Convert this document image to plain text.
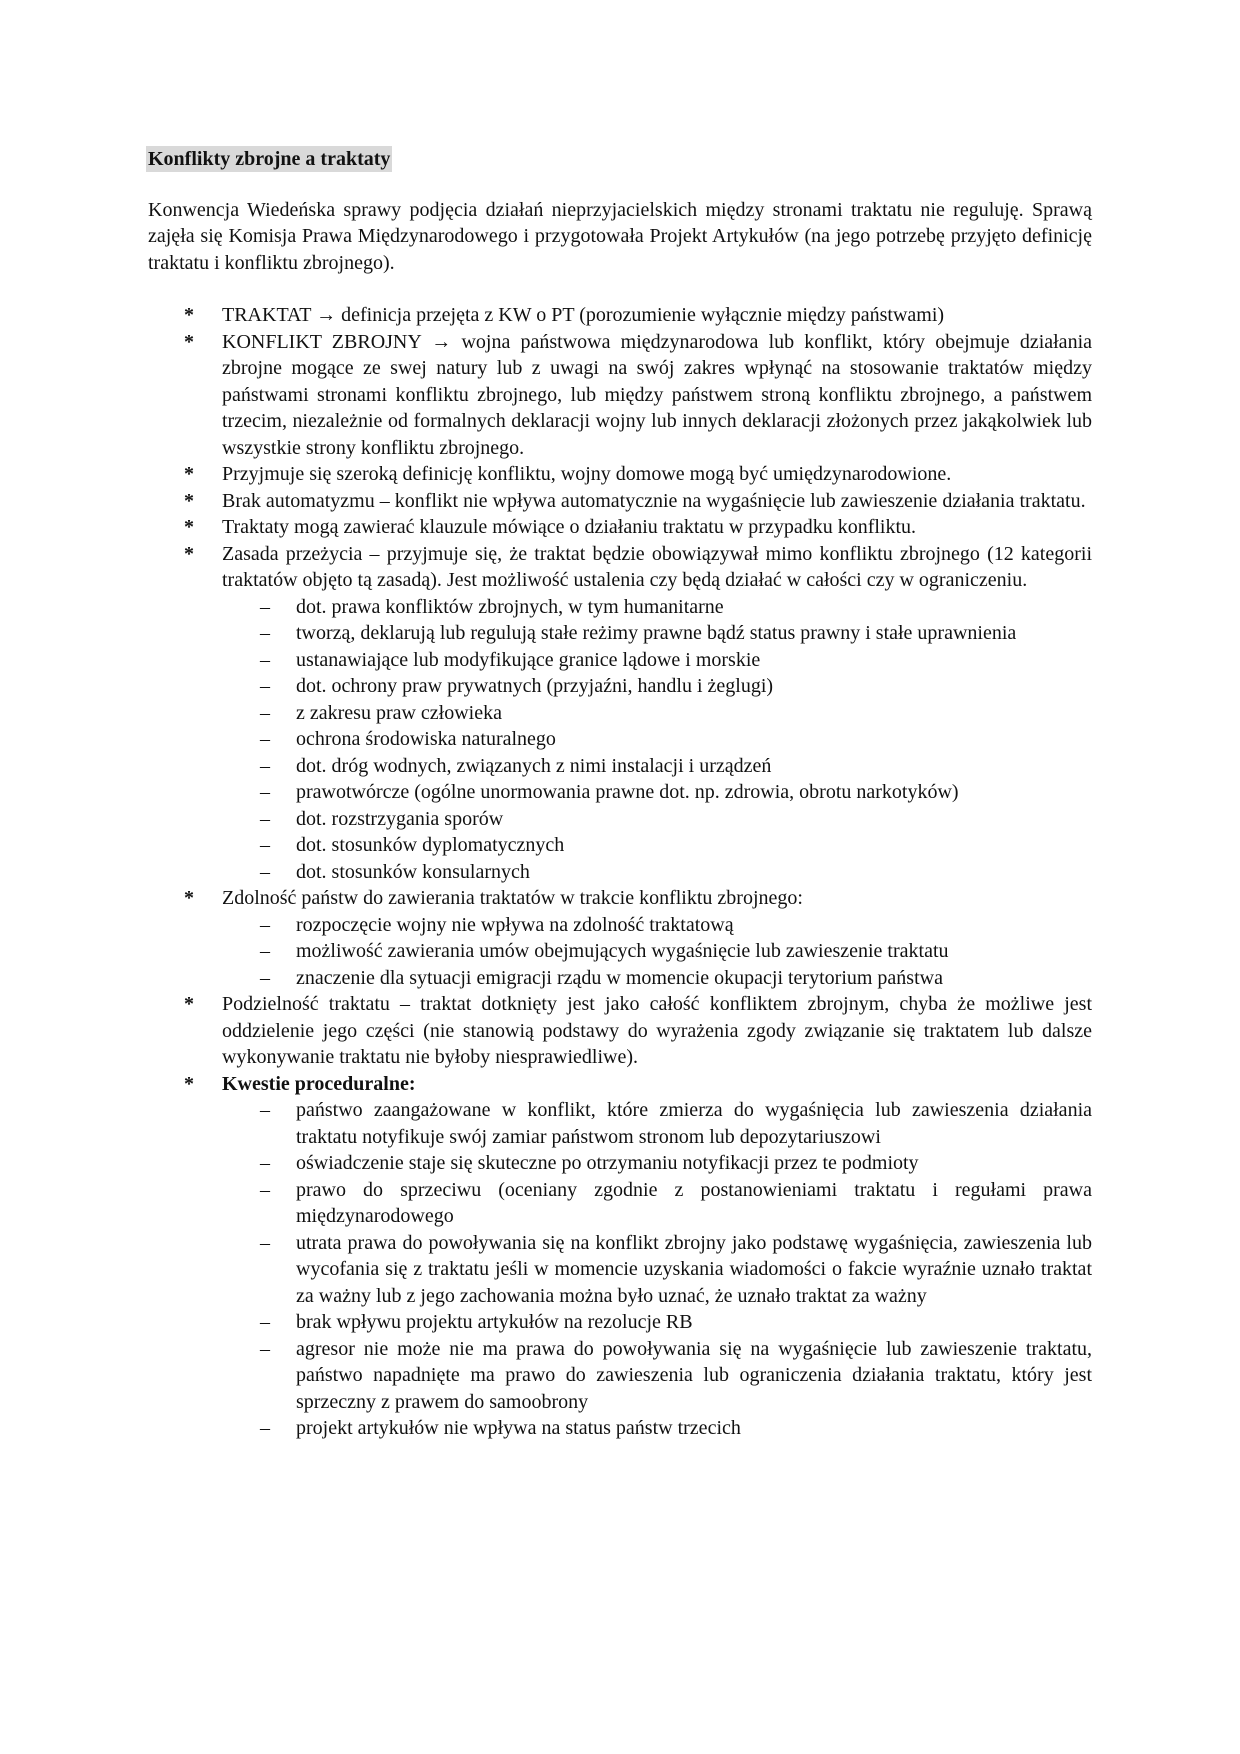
Konflikty zbrojne a traktaty

Konwencja Wiedeńska sprawy podjęcia działań nieprzyjacielskich między stronami traktatu nie reguluję. Sprawą zajęła się Komisja Prawa Międzynarodowego i przygotowała Projekt Artykułów (na jego potrzebę przyjęto definicję traktatu i konfliktu zbrojnego).

* TRAKTAT → definicja przejęta z KW o PT (porozumienie wyłącznie między państwami)
* KONFLIKT ZBROJNY → wojna państwowa międzynarodowa lub konflikt, który obejmuje działania zbrojne mogące ze swej natury lub z uwagi na swój zakres wpłynąć na stosowanie traktatów między państwami stronami konfliktu zbrojnego, lub między państwem stroną konfliktu zbrojnego, a państwem trzecim, niezależnie od formalnych deklaracji wojny lub innych deklaracji złożonych przez jakąkolwiek lub wszystkie strony konfliktu zbrojnego.
* Przyjmuje się szeroką definicję konfliktu, wojny domowe mogą być umiędzynarodowione.
* Brak automatyzmu – konflikt nie wpływa automatycznie na wygaśnięcie lub zawieszenie działania traktatu.
* Traktaty mogą zawierać klauzule mówiące o działaniu traktatu w przypadku konfliktu.
* Zasada przeżycia – przyjmuje się, że traktat będzie obowiązywał mimo konfliktu zbrojnego (12 kategorii traktatów objęto tą zasadą). Jest możliwość ustalenia czy będą działać w całości czy w ograniczeniu.
– dot. prawa konfliktów zbrojnych, w tym humanitarne
– tworzą, deklarują lub regulują stałe reżimy prawne bądź status prawny i stałe uprawnienia
– ustanawiające lub modyfikujące granice lądowe i morskie
– dot. ochrony praw prywatnych (przyjaźni, handlu i żeglugi)
– z zakresu praw człowieka
– ochrona środowiska naturalnego
– dot. dróg wodnych, związanych z nimi instalacji i urządzeń
– prawotwórcze (ogólne unormowania prawne dot. np. zdrowia, obrotu narkotyków)
– dot. rozstrzygania sporów
– dot. stosunków dyplomatycznych
– dot. stosunków konsularnych
* Zdolność państw do zawierania traktatów w trakcie konfliktu zbrojnego:
– rozpoczęcie wojny nie wpływa na zdolność traktatową
– możliwość zawierania umów obejmujących wygaśnięcie lub zawieszenie traktatu
– znaczenie dla sytuacji emigracji rządu w momencie okupacji terytorium państwa
* Podzielność traktatu – traktat dotknięty jest jako całość konfliktem zbrojnym, chyba że możliwe jest oddzielenie jego części (nie stanowią podstawy do wyrażenia zgody związanie się traktatem lub dalsze wykonywanie traktatu nie byłoby niesprawiedliwe).
* Kwestie proceduralne:
– państwo zaangażowane w konflikt, które zmierza do wygaśnięcia lub zawieszenia działania traktatu notyfikuje swój zamiar państwom stronom lub depozytariuszowi
– oświadczenie staje się skuteczne po otrzymaniu notyfikacji przez te podmioty
– prawo do sprzeciwu (oceniany zgodnie z postanowieniami traktatu i regułami prawa międzynarodowego
– utrata prawa do powoływania się na konflikt zbrojny jako podstawę wygaśnięcia, zawieszenia lub wycofania się z traktatu jeśli w momencie uzyskania wiadomości o fakcie wyraźnie uznało traktat za ważny lub z jego zachowania można było uznać, że uznało traktat za ważny
– brak wpływu projektu artykułów na rezolucje RB
– agresor nie może nie ma prawa do powoływania się na wygaśnięcie lub zawieszenie traktatu, państwo napadnięte ma prawo do zawieszenia lub ograniczenia działania traktatu, który jest sprzeczny z prawem do samoobrony
– projekt artykułów nie wpływa na status państw trzecich
